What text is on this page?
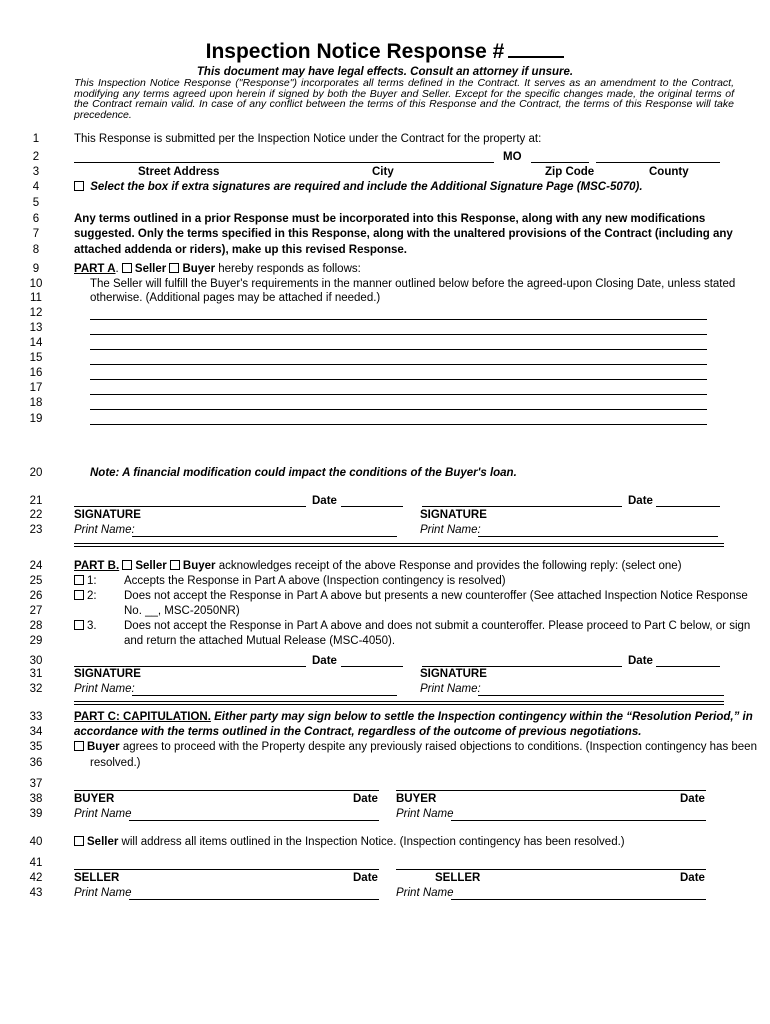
Inspection Notice Response #
This document may have legal effects. Consult an attorney if unsure.
This Inspection Notice Response ("Response") incorporates all terms defined in the Contract. It serves as an amendment to the Contract, modifying any terms agreed upon herein if signed by both the Buyer and Seller. Except for the specific changes made, the original terms of the Contract remain valid. In case of any conflict between the terms of this Response and the Contract, the terms of this Response will take precedence.
1
2
3
4
5
6
7
8
9
10
11
12
13
14
15
16
17
18
19
20
21
22
23
24
25
26
27
28
29
30
31
32
33
34
35
36
37
38
39
40
41
42
43
This Response is submitted per the Inspection Notice under the Contract for the property at:
MO
Street Address	City	Zip Code	County
Select the box if extra signatures are required and include the Additional Signature Page (MSC-5070).
Any terms outlined in a prior Response must be incorporated into this Response, along with any new modifications
suggested. Only the terms specified in this Response, along with the unaltered provisions of the Contract (including any
attached addenda or riders), make up this revised Response.
PART A. Seller Buyer hereby responds as follows:
The Seller will fulfill the Buyer's requirements in the manner outlined below before the agreed-upon Closing Date, unless stated
otherwise. (Additional pages may be attached if needed.)
Note: A financial modification could impact the conditions of the Buyer's loan.
Date	Date
SIGNATURE	SIGNATURE
Print Name:	Print Name:
PART B. Seller Buyer acknowledges receipt of the above Response and provides the following reply: (select one)
1: Accepts the Response in Part A above (Inspection contingency is resolved)
2: Does not accept the Response in Part A above but presents a new counteroffer (See attached Inspection Notice Response
No. __, MSC-2050NR)
3. Does not accept the Response in Part A above and does not submit a counteroffer. Please proceed to Part C below, or sign
and return the attached Mutual Release (MSC-4050).
Date	Date
SIGNATURE	SIGNATURE
Print Name:	Print Name:
PART C: CAPITULATION. Either party may sign below to settle the Inspection contingency within the “Resolution Period,” in
accordance with the terms outlined in the Contract, regardless of the outcome of previous negotiations.
Buyer agrees to proceed with the Property despite any previously raised objections to conditions. (Inspection contingency has been
resolved.)
BUYER	Date BUYER	Date
Print Name	Print Name
Seller will address all items outlined in the Inspection Notice. (Inspection contingency has been resolved.)
SELLER	Date	SELLER	Date
Print Name	Print Name
